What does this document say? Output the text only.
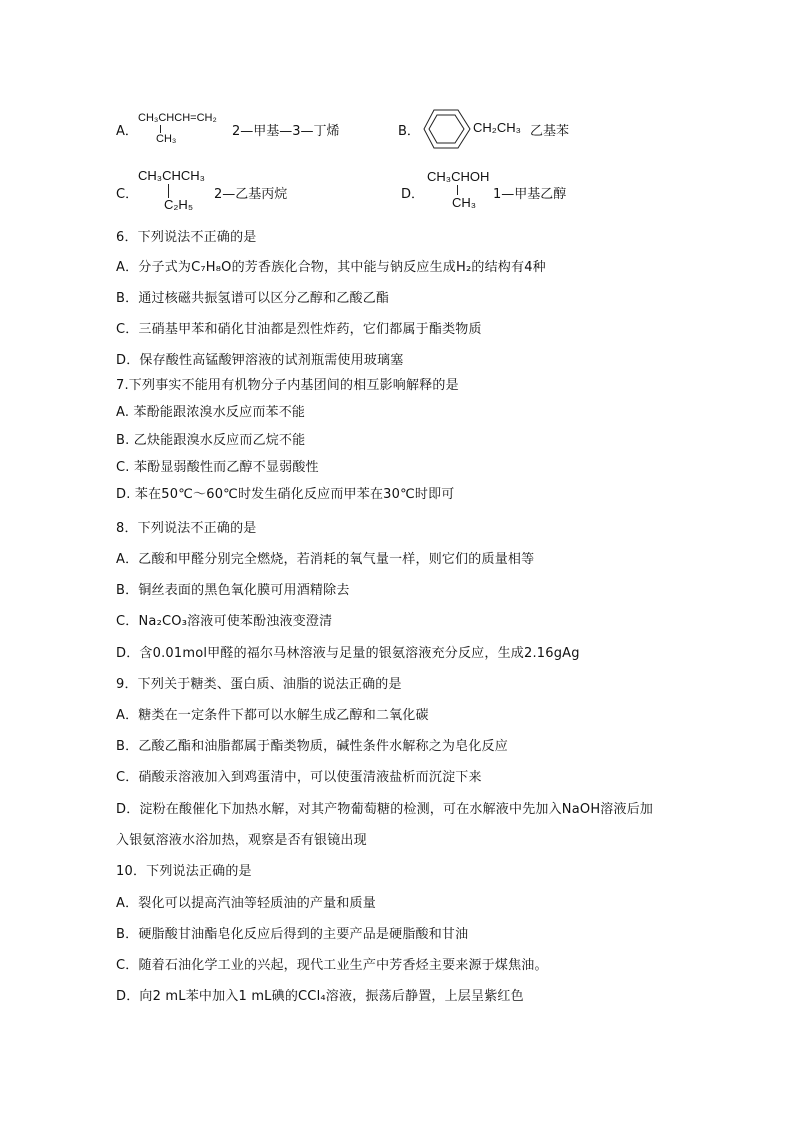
A．
CH₃CHCH=CH₂
CH₃	2—甲基—3—丁烯	B．	CH₂CH₃ 乙基苯
C．
CH₃CHCH₃
C₂H₅
2—乙基丙烷	D．
CH₃CHOH
CH₃
1—甲基乙醇
6．下列说法不正确的是
A．分子式为C₇H₈O的芳香族化合物，其中能与钠反应生成H₂的结构有4种
B．通过核磁共振氢谱可以区分乙醇和乙酸乙酯
C．三硝基甲苯和硝化甘油都是烈性炸药，它们都属于酯类物质
D．保存酸性高锰酸钾溶液的试剂瓶需使用玻璃塞
7.下列事实不能用有机物分子内基团间的相互影响解释的是
A. 苯酚能跟浓溴水反应而苯不能
B. 乙炔能跟溴水反应而乙烷不能
C. 苯酚显弱酸性而乙醇不显弱酸性
D. 苯在50℃～60℃时发生硝化反应而甲苯在30℃时即可
8．下列说法不正确的是
A．乙酸和甲醛分别完全燃烧，若消耗的氧气量一样，则它们的质量相等
B．铜丝表面的黑色氧化膜可用酒精除去
C．Na₂CO₃溶液可使苯酚浊液变澄清
D．含0.01mol甲醛的福尔马林溶液与足量的银氨溶液充分反应，生成2.16gAg
9．下列关于糖类、蛋白质、油脂的说法正确的是
A．糖类在一定条件下都可以水解生成乙醇和二氧化碳
B．乙酸乙酯和油脂都属于酯类物质，碱性条件水解称之为皂化反应
C．硝酸汞溶液加入到鸡蛋清中，可以使蛋清液盐析而沉淀下来
D．淀粉在酸催化下加热水解，对其产物葡萄糖的检测，可在水解液中先加入NaOH溶液后加
入银氨溶液水浴加热，观察是否有银镜出现
10．下列说法正确的是
A．裂化可以提高汽油等轻质油的产量和质量
B．硬脂酸甘油酯皂化反应后得到的主要产品是硬脂酸和甘油
C．随着石油化学工业的兴起，现代工业生产中芳香烃主要来源于煤焦油。
D．向2 mL苯中加入1 mL碘的CCl₄溶液，振荡后静置，上层呈紫红色
